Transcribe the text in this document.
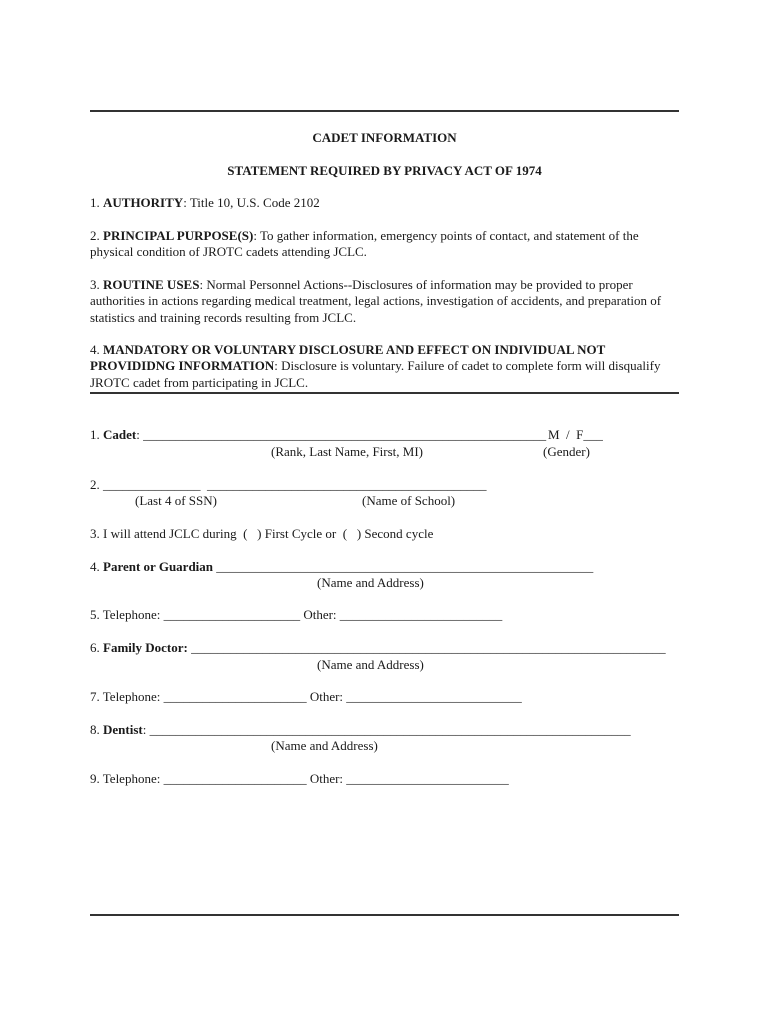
CADET INFORMATION
STATEMENT REQUIRED BY PRIVACY ACT OF 1974
1. AUTHORITY: Title 10, U.S. Code 2102
2. PRINCIPAL PURPOSE(S): To gather information, emergency points of contact, and statement of the physical condition of JROTC cadets attending JCLC.
3. ROUTINE USES: Normal Personnel Actions--Disclosures of information may be provided to proper authorities in actions regarding medical treatment, legal actions, investigation of accidents, and preparation of statistics and training records resulting from JCLC.
4. MANDATORY OR VOLUNTARY DISCLOSURE AND EFFECT ON INDIVIDUAL NOT PROVIDIDNG INFORMATION: Disclosure is voluntary. Failure of cadet to complete form will disqualify JROTC cadet from participating in JCLC.
1. Cadet: ______________________________________________________________ M  /  F___
(Rank, Last Name, First, MI)	(Gender)
2. _______________  ___________________________________________
(Last 4 of SSN)	(Name of School)
3. I will attend JCLC during  (   ) First Cycle or  (   ) Second cycle
4. Parent or Guardian __________________________________________________________
(Name and Address)
5. Telephone: _____________________ Other: _________________________
6. Family Doctor: _________________________________________________________________________
(Name and Address)
7. Telephone: ______________________ Other: ___________________________
8. Dentist: __________________________________________________________________________
(Name and Address)
9. Telephone: ______________________ Other: _________________________
